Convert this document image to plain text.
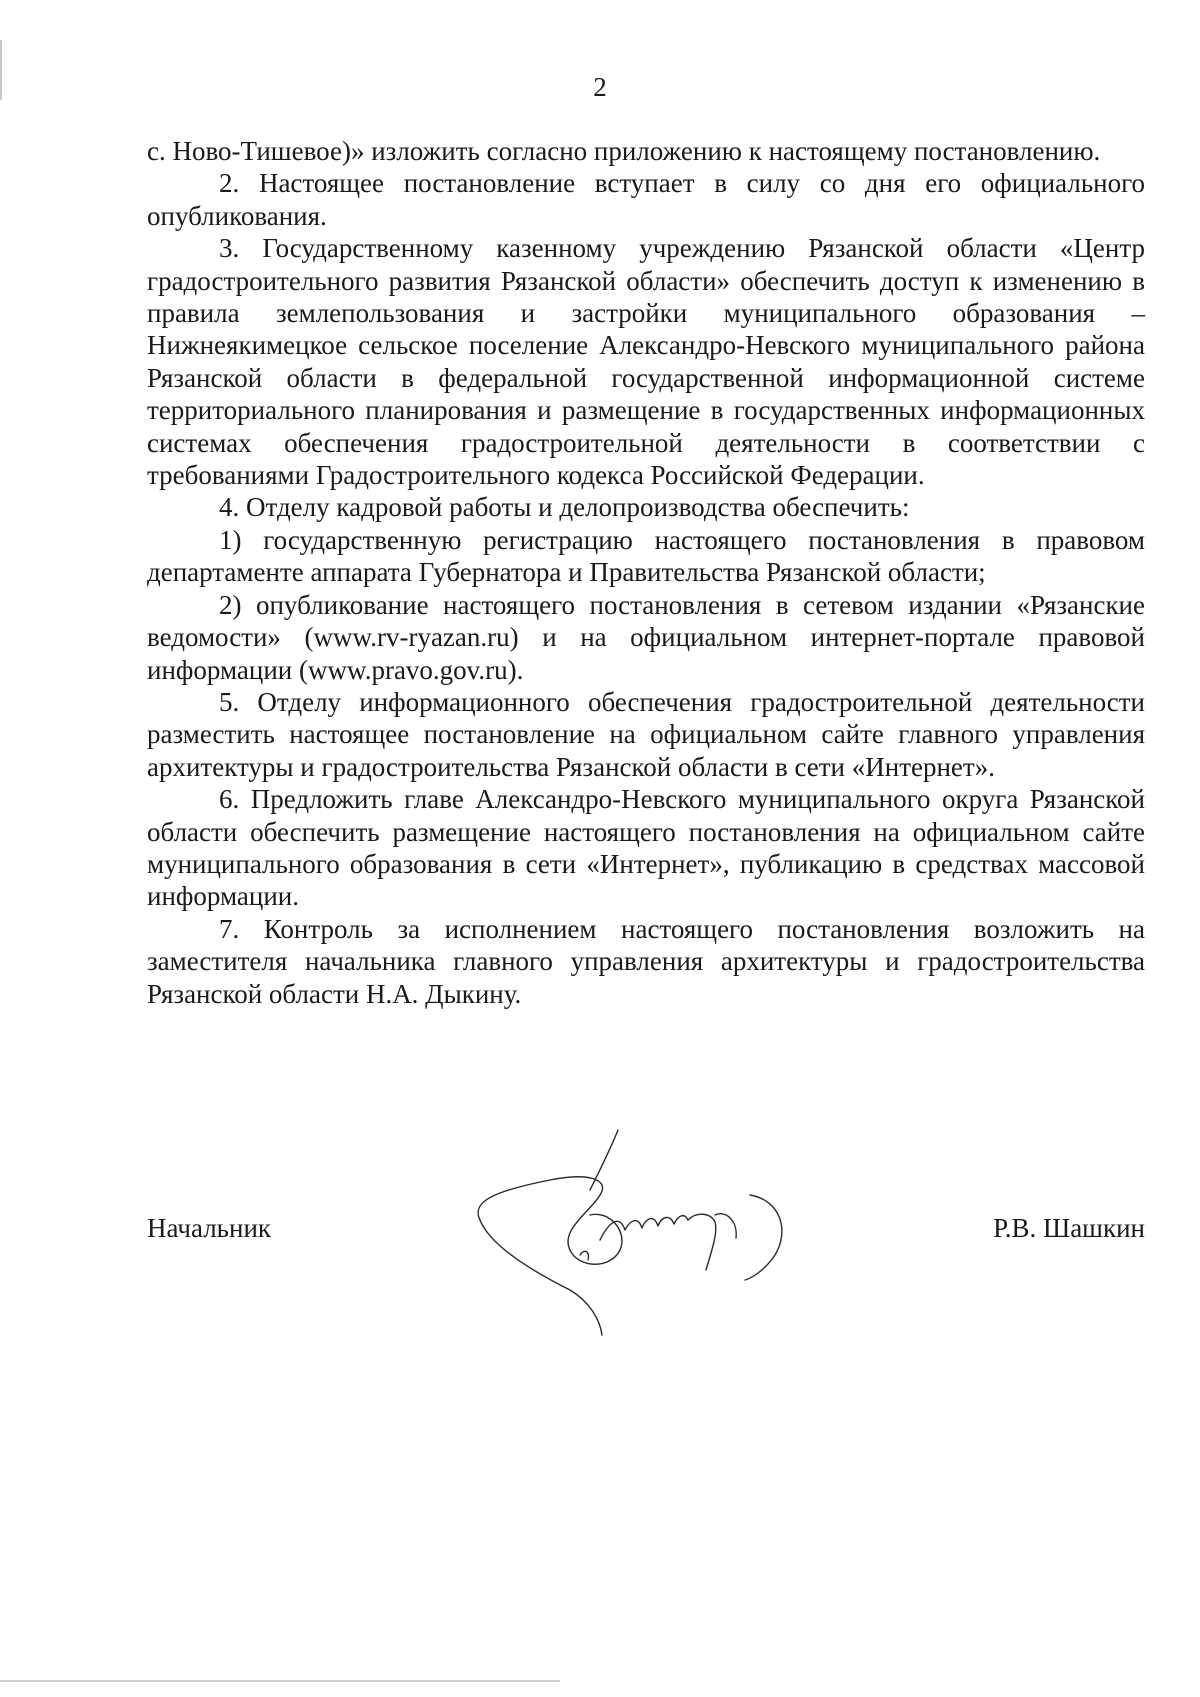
2

с. Ново-Тишевое)» изложить согласно приложению к настоящему постановлению.

2. Настоящее постановление вступает в силу со дня его официального опубликования.

3. Государственному казенному учреждению Рязанской области «Центр градостроительного развития Рязанской области» обеспечить доступ к изменению в правила землепользования и застройки муниципального образования – Нижнеякимецкое сельское поселение Александро-Невского муниципального района Рязанской области в федеральной государственной информационной системе территориального планирования и размещение в государственных информационных системах обеспечения градостроительной деятельности в соответствии с требованиями Градостроительного кодекса Российской Федерации.

4. Отделу кадровой работы и делопроизводства обеспечить:

1) государственную регистрацию настоящего постановления в правовом департаменте аппарата Губернатора и Правительства Рязанской области;

2) опубликование настоящего постановления в сетевом издании «Рязанские ведомости» (www.rv-ryazan.ru) и на официальном интернет-портале правовой информации (www.pravo.gov.ru).

5. Отделу информационного обеспечения градостроительной деятельности разместить настоящее постановление на официальном сайте главного управления архитектуры и градостроительства Рязанской области в сети «Интернет».

6. Предложить главе Александро-Невского муниципального округа Рязанской области обеспечить размещение настоящего постановления на официальном сайте муниципального образования в сети «Интернет», публикацию в средствах массовой информации.

7. Контроль за исполнением настоящего постановления возложить на заместителя начальника главного управления архитектуры и градостроительства Рязанской области Н.А. Дыкину.

Начальник	Р.В. Шашкин
